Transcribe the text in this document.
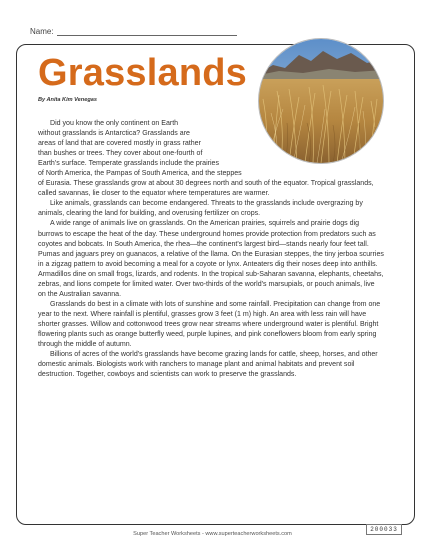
Name:
Grasslands
By Anita Kim Venegas

Did you know the only continent on Earth

without grasslands is Antarctica? Grasslands are

areas of land that are covered mostly in grass rather

than bushes or trees. They cover about one-fourth of

Earth's surface. Temperate grasslands include the prairies

of North America, the Pampas of South America, and the steppes

of Eurasia. These grasslands grow at about 30 degrees north and south of the equator. Tropical grasslands, called savannas, lie closer to the equator where temperatures are warmer.

Like animals, grasslands can become endangered. Threats to the grasslands include overgrazing by animals, clearing the land for building, and overusing fertilizer on crops.

A wide range of animals live on grasslands. On the American prairies, squirrels and prairie dogs dig burrows to escape the heat of the day. These underground homes provide protection from predators such as coyotes and bobcats. In South America, the rhea—the continent's largest bird—stands nearly four feet tall. Pumas and jaguars prey on guanacos, a relative of the llama. On the Eurasian steppes, the tiny jerboa scurries in a zigzag pattern to avoid becoming a meal for a coyote or lynx. Anteaters dig their noses deep into anthills. Armadillos dine on small frogs, lizards, and rodents. In the tropical sub-Saharan savanna, elephants, cheetahs, zebras, and lions compete for limited water. Over two-thirds of the world's marsupials, or pouch animals, live on the Australian savanna.

Grasslands do best in a climate with lots of sunshine and some rainfall. Precipitation can change from one year to the next. Where rainfall is plentiful, grasses grow 3 feet (1 m) high. An area with less rain will have shorter grasses. Willow and cottonwood trees grow near streams where underground water is plentiful. Bright flowering plants such as orange butterfly weed, purple lupines, and pink coneflowers bloom from early spring through the middle of autumn.

Billions of acres of the world's grasslands have become grazing lands for cattle, sheep, horses, and other domestic animals. Biologists work with ranchers to manage plant and animal habitats and prevent soil destruction. Together, cowboys and scientists can work to preserve the grasslands.

Super Teacher Worksheets - www.superteacherworksheets.com
200033
